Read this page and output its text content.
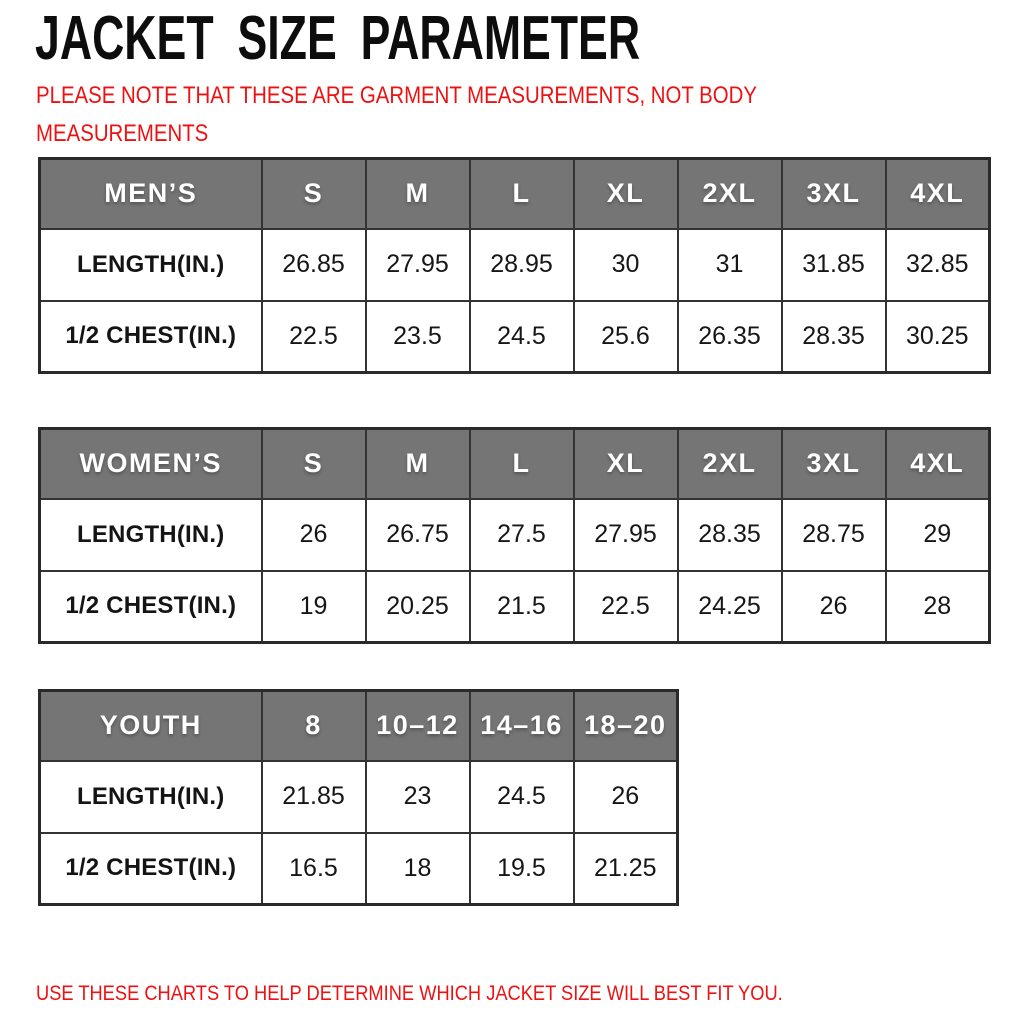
JACKET SIZE PARAMETER

PLEASE NOTE THAT THESE ARE GARMENT MEASUREMENTS, NOT BODY
MEASUREMENTS

MEN’S	S	M	L	XL	2XL	3XL	4XL
LENGTH(IN.)	26.85	27.95	28.95	30	31	31.85	32.85
1/2 CHEST(IN.)	22.5	23.5	24.5	25.6	26.35	28.35	30.25
WOMEN’S	S	M	L	XL	2XL	3XL	4XL
LENGTH(IN.)	26	26.75	27.5	27.95	28.35	28.75	29
1/2 CHEST(IN.)	19	20.25	21.5	22.5	24.25	26	28
YOUTH	8	10–12	14–16	18–20
LENGTH(IN.)	21.85	23	24.5	26
1/2 CHEST(IN.)	16.5	18	19.5	21.25

USE THESE CHARTS TO HELP DETERMINE WHICH JACKET SIZE WILL BEST FIT YOU.
